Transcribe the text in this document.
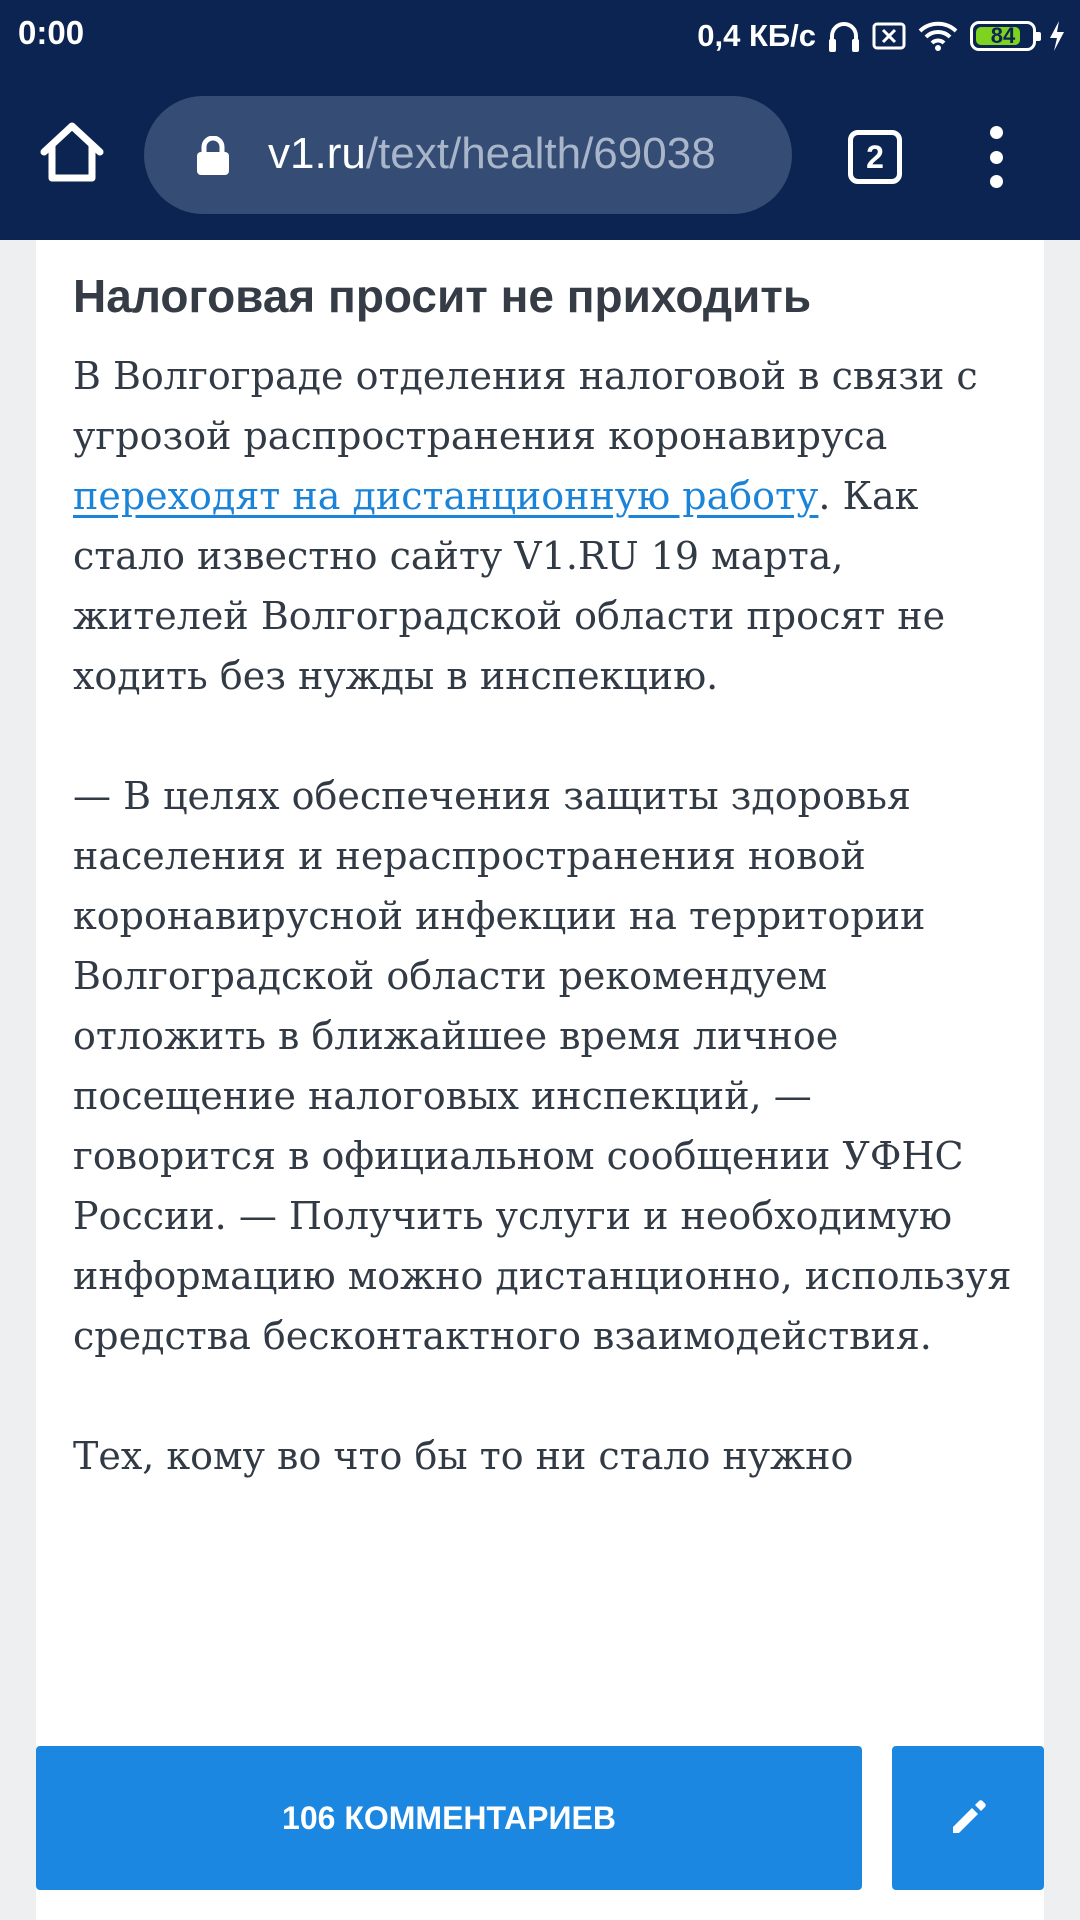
0:00	0,4 КБ/с	84
v1.ru/text/health/69038	2
Налоговая просит не приходить

В Волгограде отделения налоговой в связи с угрозой распространения коронавируса переходят на дистанционную работу. Как стало известно сайту V1.RU 19 марта, жителей Волгоградской области просят не ходить без нужды в инспекцию.

— В целях обеспечения защиты здоровья населения и нераспространения новой коронавирусной инфекции на территории Волгоградской области рекомендуем отложить в ближайшее время личное посещение налоговых инспекций, — говорится в официальном сообщении УФНС России. — Получить услуги и необходимую информацию можно дистанционно, используя средства бесконтактного взаимодействия.

Тех, кому во что бы то ни стало нужно

106 КОММЕНТАРИЕВ
